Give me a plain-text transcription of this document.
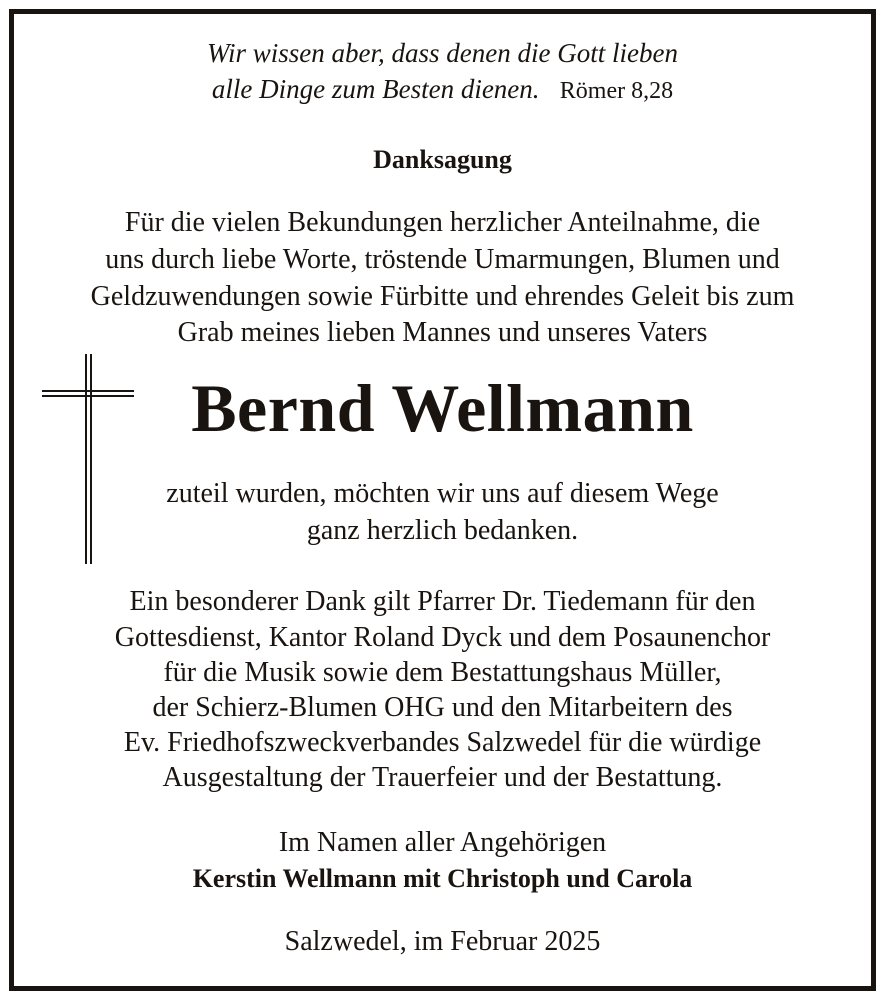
Wir wissen aber, dass denen die Gott lieben
alle Dinge zum Besten dienen. Römer 8,28
Danksagung
Für die vielen Bekundungen herzlicher Anteilnahme, die
uns durch liebe Worte, tröstende Umarmungen, Blumen und
Geldzuwendungen sowie Fürbitte und ehrendes Geleit bis zum
Grab meines lieben Mannes und unseres Vaters
Bernd Wellmann
zuteil wurden, möchten wir uns auf diesem Wege
ganz herzlich bedanken.
Ein besonderer Dank gilt Pfarrer Dr. Tiedemann für den
Gottesdienst, Kantor Roland Dyck und dem Posaunenchor
für die Musik sowie dem Bestattungshaus Müller,
der Schierz-Blumen OHG und den Mitarbeitern des
Ev. Friedhofszweckverbandes Salzwedel für die würdige
Ausgestaltung der Trauerfeier und der Bestattung.
Im Namen aller Angehörigen
Kerstin Wellmann mit Christoph und Carola
Salzwedel, im Februar 2025
